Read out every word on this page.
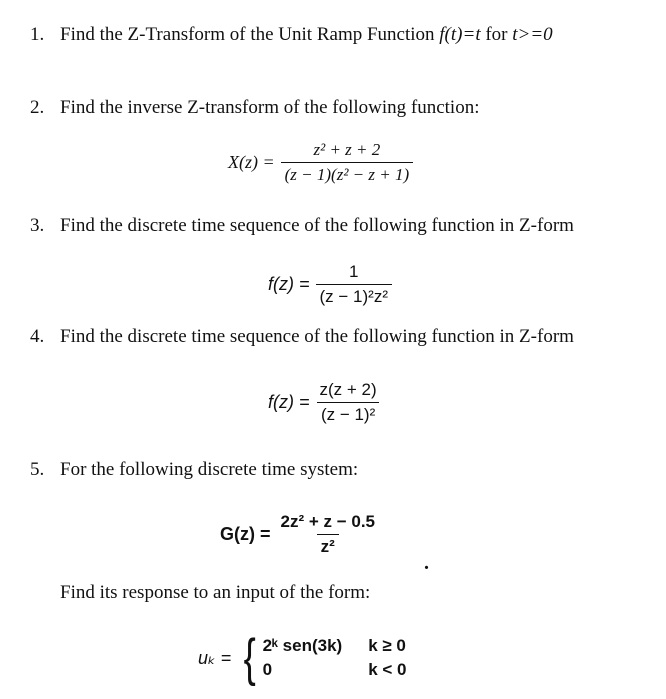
1. Find the Z-Transform of the Unit Ramp Function f(t)=t for t>=0
2. Find the inverse Z-transform of the following function:
$X(z) = \frac{\text{z² + z + 2}}{\text{(z − 1)(z² − z + 1)}}$
3. Find the discrete time sequence of the following function in Z-form
$f(z) = \frac{1}{\text{(z − 1)²z²}}$
4. Find the discrete time sequence of the following function in Z-form
$f(z) = \frac{z(z + 2)}{\text{(z − 1)²}}$
5. For the following discrete time system:
$G(z) = \frac{\text{2z² + z − 0.5}}{\text{z²}}$
.
Find its response to an input of the form:
uₖ = { 2ᵏ sen(3k) k ≥ 0
0	k < 0
